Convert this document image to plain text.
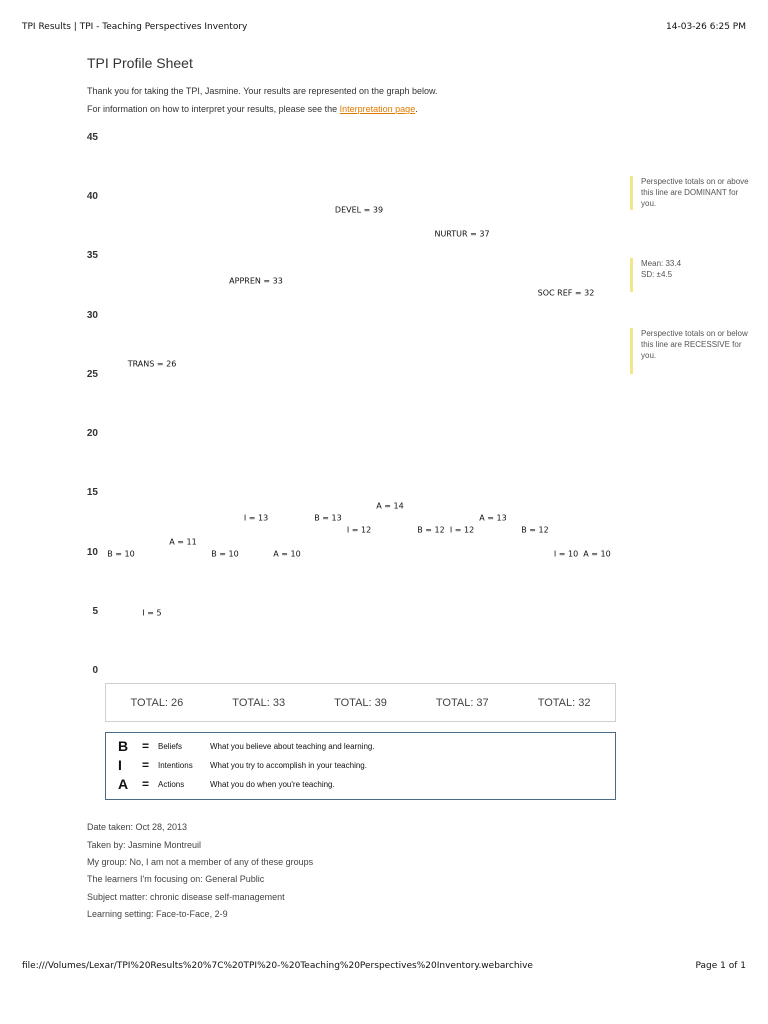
TPI Results | TPI - Teaching Perspectives Inventory	14-03-26 6:25 PM
TPI Profile Sheet
Thank you for taking the TPI, Jasmine. Your results are represented on the graph below.
For information on how to interpret your results, please see the Interpretation page.
0
5
10
15
20
25
30
35
40
45
TRANS = 26
APPREN = 33
DEVEL = 39
NURTUR = 37
SOC REF = 32
B = 10
I = 5
A = 11
B = 10
I = 13
A = 10
B = 13
I = 12
A = 14
B = 12 I = 12
A = 13
B = 12
I = 10 A = 10
Perspective totals on or above this line are DOMINANT for you.
Mean: 33.4
SD: ±4.5
Perspective totals on or below this line are RECESSIVE for you.
TOTAL: 26	TOTAL: 33	TOTAL: 39	TOTAL: 37	TOTAL: 32
B	=	Beliefs	What you believe about teaching and learning.
I	=	Intentions	What you try to accomplish in your teaching.
A	=	Actions	What you do when you're teaching.
Date taken: Oct 28, 2013
Taken by: Jasmine Montreuil
My group: No, I am not a member of any of these groups
The learners I'm focusing on: General Public
Subject matter: chronic disease self-management
Learning setting: Face-to-Face, 2-9
file:///Volumes/Lexar/TPI%20Results%20%7C%20TPI%20-%20Teaching%20Perspectives%20Inventory.webarchive	Page 1 of 1
